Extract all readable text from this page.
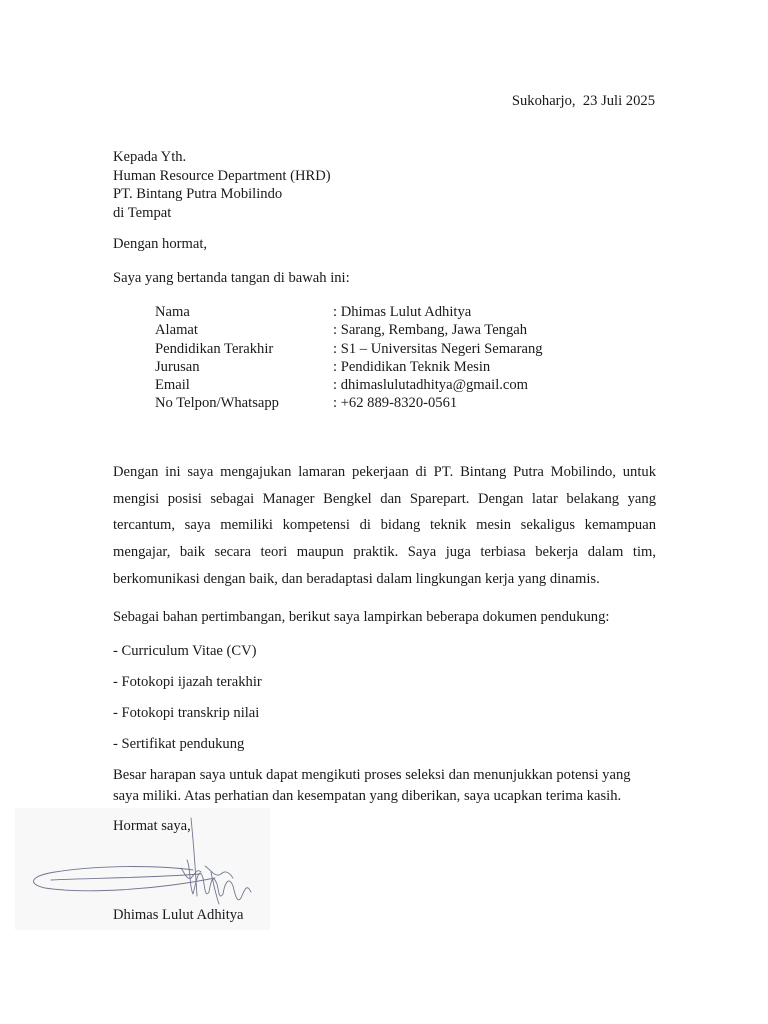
Sukoharjo,  23 Juli 2025
Kepada Yth.
Human Resource Department (HRD)
PT. Bintang Putra Mobilindo
di Tempat
Dengan hormat,
Saya yang bertanda tangan di bawah ini:
Nama	: Dhimas Lulut Adhitya
Alamat	: Sarang, Rembang, Jawa Tengah
Pendidikan Terakhir	: S1 – Universitas Negeri Semarang
Jurusan	: Pendidikan Teknik Mesin
Email	: dhimaslulutadhitya@gmail.com
No Telpon/Whatsapp	: +62 889-8320-0561

Dengan ini saya mengajukan lamaran pekerjaan di PT. Bintang Putra Mobilindo, untuk mengisi posisi sebagai Manager Bengkel dan Sparepart. Dengan latar belakang yang tercantum, saya memiliki kompetensi di bidang teknik mesin sekaligus kemampuan mengajar, baik secara teori maupun praktik. Saya juga terbiasa bekerja dalam tim, berkomunikasi dengan baik, dan beradaptasi dalam lingkungan kerja yang dinamis.

Sebagai bahan pertimbangan, berikut saya lampirkan beberapa dokumen pendukung:
- Curriculum Vitae (CV)
- Fotokopi ijazah terakhir
- Fotokopi transkrip nilai
- Sertifikat pendukung

Besar harapan saya untuk dapat mengikuti proses seleksi dan menunjukkan potensi yang saya miliki. Atas perhatian dan kesempatan yang diberikan, saya ucapkan terima kasih.

Hormat saya,
Dhimas Lulut Adhitya
